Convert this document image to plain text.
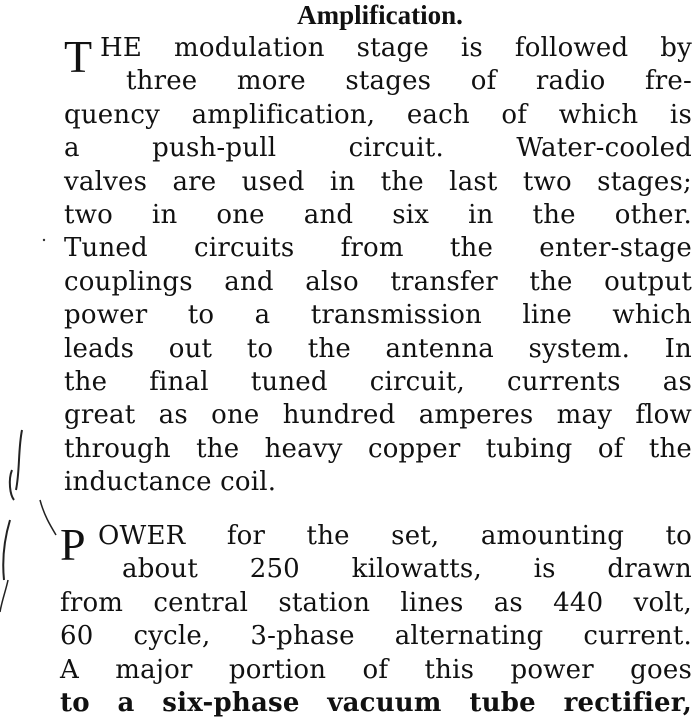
Amplification.
T HE modulation stage is followed by
three more stages of radio fre-
quency amplification, each of which is
a push-pull circuit. Water-cooled
valves are used in the last two stages;
two in one and six in the other.
Tuned circuits from the enter-stage
couplings and also transfer the output
power to a transmission line which
leads out to the antenna system. In
the final tuned circuit, currents as
great as one hundred amperes may flow
through the heavy copper tubing of the
inductance coil.
P OWER for the set, amounting to
about 250 kilowatts, is drawn
from central station lines as 440 volt,
60 cycle, 3-phase alternating current.
A major portion of this power goes
to a six-phase vacuum tube rectifier,
